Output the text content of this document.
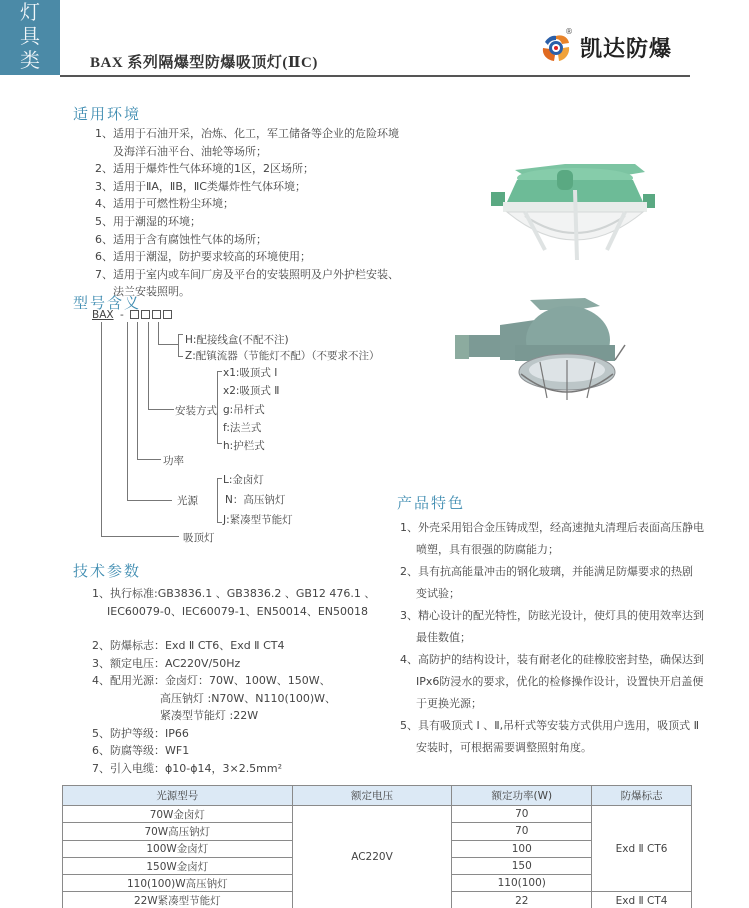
灯
具
类	BAX 系列隔爆型防爆吸顶灯(ⅡC)
®
凯达防爆
适用环境
1、适用于石油开采，冶炼、化工，军工储备等企业的危险环境
及海洋石油平台、油轮等场所；
2、适用于爆炸性气体环境的1区，2区场所；
3、适用于ⅡA，ⅡB，ⅡC类爆炸性气体环境；
4、适用于可燃性粉尘环境；
5、用于潮湿的环境；
6、适用于含有腐蚀性气体的场所；
6、适用于潮湿，防护要求较高的环境使用；
7、适用于室内或车间厂房及平台的安装照明及户外护栏安装、
法兰安装照明。
型号含义
BAX -
H:配接线盒(不配不注)
Z:配镇流器（节能灯不配）（不要求不注）
x1:吸顶式 Ⅰ
x2:吸顶式 Ⅱ
安装方式 g:吊杆式
f:法兰式
h:护栏式
功率
L:金卤灯
光源	N：高压钠灯
J:紧凑型节能灯
吸顶灯
技术参数
1、执行标准:GB3836.1 、GB3836.2 、GB12 476.1 、
IEC60079-0、IEC60079-1、EN50014、EN50018
2、防爆标志：Exd Ⅱ CT6、Exd Ⅱ CT4
3、额定电压：AC220V/50Hz
4、配用光源：金卤灯：70W、100W、150W、
高压钠灯 :N70W、N110(100)W、
紧凑型节能灯 :22W
5、防护等级：IP66
6、防腐等级：WF1
7、引入电缆：ϕ10-ϕ14，3×2.5mm²
产品特色
1、外壳采用铝合金压铸成型，经高速抛丸清理后表面高压静电
喷塑，具有很强的防腐能力；
2、具有抗高能量冲击的钢化玻璃，并能满足防爆要求的热剧
变试验；
3、精心设计的配光特性，防眩光设计，使灯具的使用效率达到
最佳数值；
4、高防护的结构设计，装有耐老化的硅橡胶密封垫，确保达到
IPx6防浸水的要求，优化的检修操作设计，设置快开启盖便
于更换光源；
5、具有吸顶式 Ⅰ 、Ⅱ,吊杆式等安装方式供用户选用，吸顶式 Ⅱ
安装时，可根据需要调整照射角度。
光源型号	额定电压	额定功率(W)	防爆标志
70W金卤灯	AC220V	70	Exd Ⅱ CT6
70W高压钠灯		70	
100W金卤灯		100	
150W金卤灯		150	
110(100)W高压钠灯		110(100)	
22W紧凑型节能灯		22	Exd Ⅱ CT4
